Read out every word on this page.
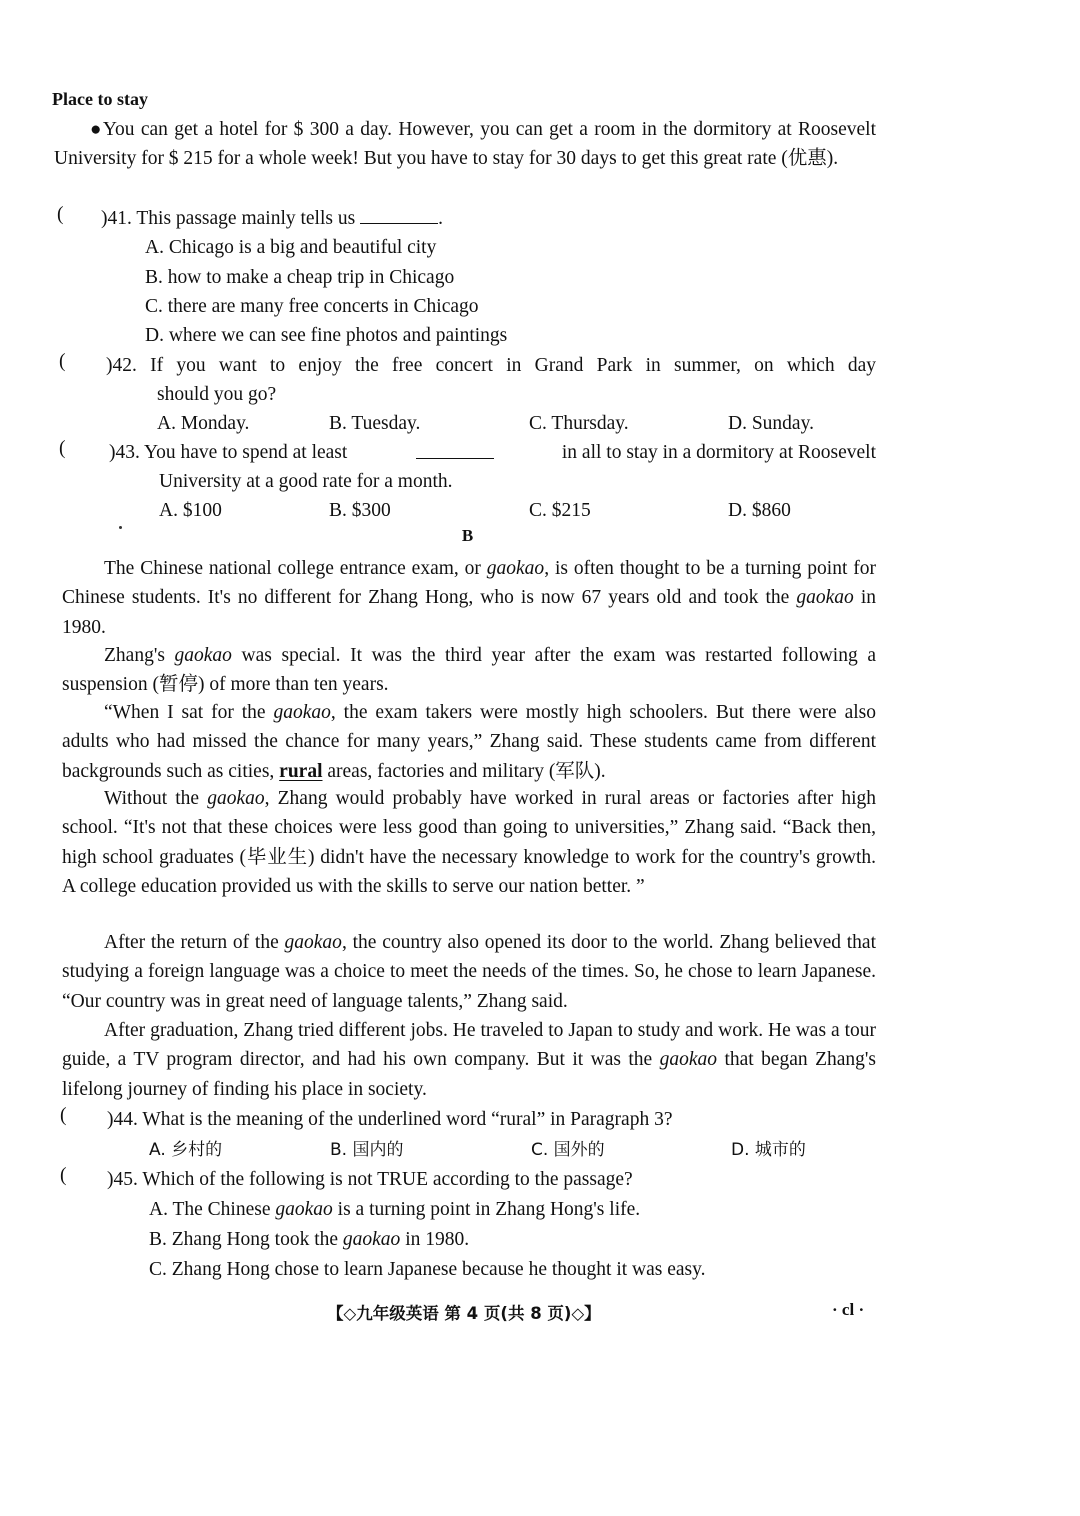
Place to stay
●You can get a hotel for $ 300 a day. However, you can get a room in the dormitory at Roosevelt University for $ 215 for a whole week! But you have to stay for 30 days to get this great rate (优惠).
( )41. This passage mainly tells us	.
A. Chicago is a big and beautiful city
B. how to make a cheap trip in Chicago
C. there are many free concerts in Chicago
D. where we can see fine photos and paintings
( )42. If you want to enjoy the free concert in Grand Park in summer, on which day
should you go?
A. Monday.	B. Tuesday.	C. Thursday.	D. Sunday.
( )43. You have to spend at least	in all to stay in a dormitory at Roosevelt
University at a good rate for a month.
A. $100	B. $300	C. $215	D. $860
B
The Chinese national college entrance exam, or gaokao, is often thought to be a turning point for Chinese students. It's no different for Zhang Hong, who is now 67 years old and took the gaokao in 1980.
Zhang's gaokao was special. It was the third year after the exam was restarted following a suspension (暂停) of more than ten years.
“When I sat for the gaokao, the exam takers were mostly high schoolers. But there were also adults who had missed the chance for many years,” Zhang said. These students came from different backgrounds such as cities, rural areas, factories and military (军队).
Without the gaokao, Zhang would probably have worked in rural areas or factories after high school. “It's not that these choices were less good than going to universities,” Zhang said. “Back then, high school graduates (毕业生) didn't have the necessary knowledge to work for the country's growth. A college education provided us with the skills to serve our nation better. ”
After the return of the gaokao, the country also opened its door to the world. Zhang believed that studying a foreign language was a choice to meet the needs of the times. So, he chose to learn Japanese. “Our country was in great need of language talents,” Zhang said.
After graduation, Zhang tried different jobs. He traveled to Japan to study and work. He was a tour guide, a TV program director, and had his own company. But it was the gaokao that began Zhang's lifelong journey of finding his place in society.
( )44. What is the meaning of the underlined word “rural” in Paragraph 3?
A. 乡村的	B. 国内的	C. 国外的	D. 城市的
( )45. Which of the following is not TRUE according to the passage?
A. The Chinese gaokao is a turning point in Zhang Hong's life.
B. Zhang Hong took the gaokao in 1980.
C. Zhang Hong chose to learn Japanese because he thought it was easy.
【◇九年级英语 第 4 页(共 8 页)◇】	· cl ·
